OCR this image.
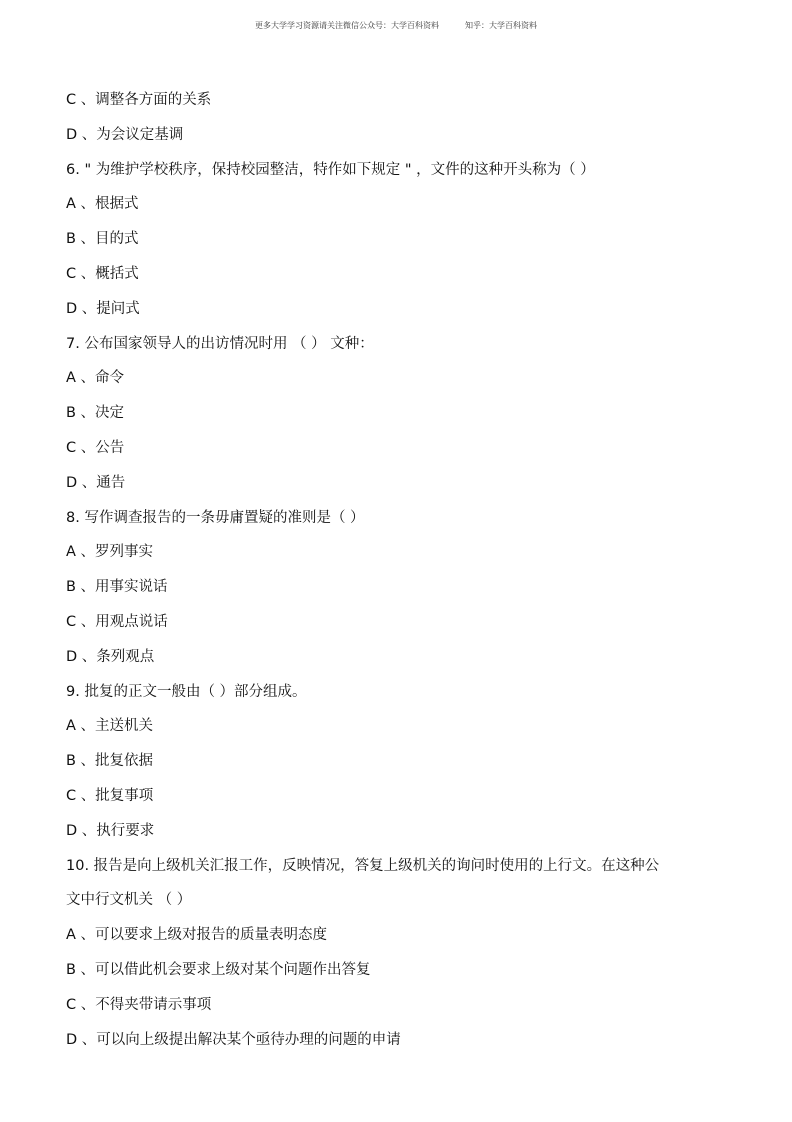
更多大学学习资源请关注微信公众号：大学百科资料	知乎：大学百科资料
C 、调整各方面的关系
D 、为会议定基调
6. " 为维护学校秩序，保持校园整洁，特作如下规定 " ，文件的这种开头称为（ ）
A 、根据式
B 、目的式
C 、概括式
D 、提问式
7. 公布国家领导人的出访情况时用 （ ） 文种：
A 、命令
B 、决定
C 、公告
D 、通告
8. 写作调查报告的一条毋庸置疑的准则是（ ）
A 、罗列事实
B 、用事实说话
C 、用观点说话
D 、条列观点
9. 批复的正文一般由（ ）部分组成。
A 、主送机关
B 、批复依据
C 、批复事项
D 、执行要求
10. 报告是向上级机关汇报工作，反映情况，答复上级机关的询问时使用的上行文。在这种公
文中行文机关 （ ）
A 、可以要求上级对报告的质量表明态度
B 、可以借此机会要求上级对某个问题作出答复
C 、不得夹带请示事项
D 、可以向上级提出解决某个亟待办理的问题的申请
